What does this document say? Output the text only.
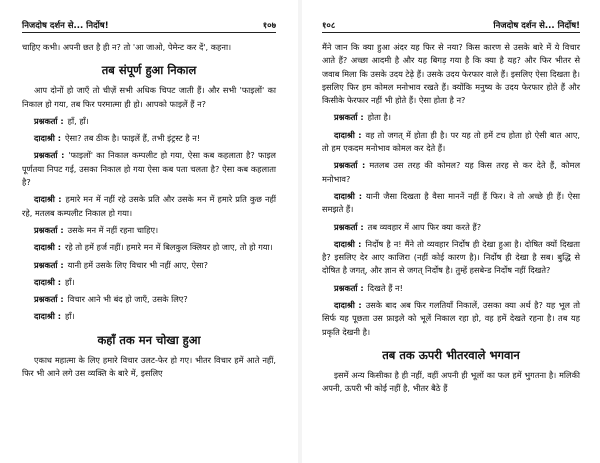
निजदोष दर्शन से... निर्दोष!	१०७

चाहिए कभी। अपनी छत है ही न? तो 'आ जाओ, पेमेन्ट कर दें', कहना।

तब संपूर्ण हुआ निकाल

आप दोनों हो जाएँ तो चीज़ें सभी अधिक चिपट जाती हैं। और सभी 'फाइलों' का निकाल हो गया, तब फिर परमात्मा ही हो। आपको फाइलें हैं न?

प्रश्नकर्ता : हाँ, हाँ।

दादाश्री : ऐसा? तब ठीक है। फाइलें हैं, तभी इंट्रस्ट है न!

प्रश्नकर्ता : 'फाइलों' का निकाल कम्पलीट हो गया, ऐसा कब कहलाता है? फाइल पूर्णतया निपट गई, उसका निकाल हो गया ऐसा कब पता चलता है? ऐसा कब कहलाता है?

दादाश्री : हमारे मन में नहीं रहे उसके प्रति और उसके मन में हमारे प्रति कुछ नहीं रहे, मतलब कम्पलीट निकाल हो गया।

प्रश्नकर्ता : उसके मन में नहीं रहना चाहिए।

दादाश्री : रहे तो हमें हर्ज नहीं। हमारे मन में बिलकुल क्लियर हो जाए, तो हो गया।

प्रश्नकर्ता : यानी हमें उसके लिए विचार भी नहीं आए, ऐसा?

दादाश्री : हाँ।

प्रश्नकर्ता : विचार आने भी बंद हो जाएँ, उसके लिए?

दादाश्री : हाँ।

कहाँ तक मन चोखा हुआ

एकाध महात्मा के लिए हमारे विचार उलट-फेर हो गए। भीतर विचार हमें आते नहीं, फिर भी आने लगे उस व्यक्ति के बारे में, इसलिए

१०८	निजदोष दर्शन से... निर्दोष!

मैंने जान कि क्या हुआ अंदर यह फिर से नया? किस कारण से उसके बारे में ये विचार आते हैं? अच्छा आदमी है और यह बिगड़ गया है कि क्या है यह? और फिर भीतर से जवाब मिला कि उसके उदय टेढ़े हैं। उसके उदय फेरफार वाले हैं। इसलिए ऐसा दिखता है। इसलिए फिर हम कोमल मनोभाव रखते हैं। क्योंकि मनुष्य के उदय फेरफार होते हैं और किसीके फेरफार नहीं भी होते हैं। ऐसा होता है न?

प्रश्नकर्ता : होता है।

दादाश्री : वह तो जगत् में होता ही है। पर यह तो हमें टच होता हो ऐसी बात आए, तो हम एकदम मनोभाव कोमल कर देते हैं।

प्रश्नकर्ता : मतलब उस तरह की कोमल? यह किस तरह से कर देते हैं, कोमल मनोभाव?

दादाश्री : यानी जैसा दिखता है वैसा माननें नहीं हैं फिर। वे तो अच्छे ही हैं। ऐसा समझते हैं।

प्रश्नकर्ता : तब व्यवहार में आप फिर क्या करते हैं?

दादाश्री : निर्दोष है न! मैंने तो व्यवहार निर्दोष ही देखा हुआ है। दोषित क्यों दिखता है? इसलिए देर आए काजिरा (नहीं कोई कारण है)। निर्दोष ही देखा है सब। बुद्धि से दोषित है जगत्, और ज्ञान से जगत् निर्दोष है। तुम्हें हसबेन्ड निर्दोष नहीं दिखते?

प्रश्नकर्ता : दिखते हैं न!

दादाश्री : उसके बाद अब फिर गलतियाँ निकालें, उसका क्या अर्थ है? यह भूल तो सिर्फ यह पूछता उस फ़ाइले को भूलें निकाल रहा हो, वह हमें देखते रहना है। तब यह प्रकृति देखनी है।

तब तक ऊपरी भीतरवाले भगवान

इसमें अन्य किसीका है ही नहीं, वहीं अपनी ही भूलों का फल हमें भुगतना है। मलिकी अपनी, ऊपरी भी कोई नहीं है, भीतर बैठे हैं
